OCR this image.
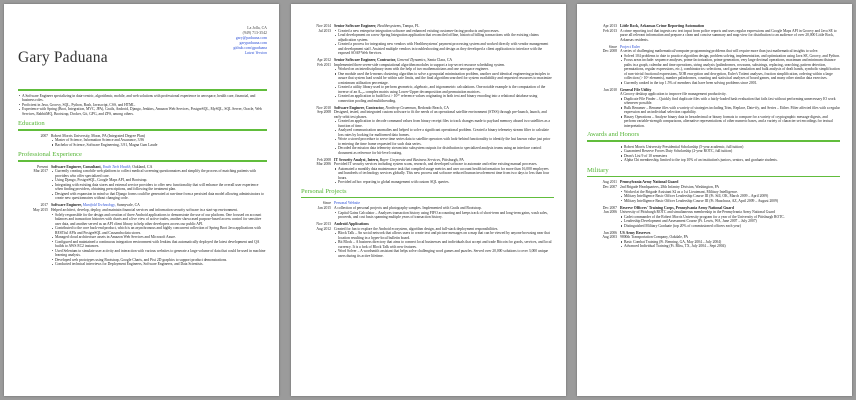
La Jolla, CA
(949) 713-3542
gary@paduana.com
garypaduana.com
github.com/gpaduana
Latest Version
Gary Paduana
A Software Engineer specializing in data-centric, algorithmic, mobile, and web solutions with professional experience in aerospace, health care, financial, and business roles.
Proficient in Java, Groovy, SQL, Python, Bash, Javascript, CSS, and HTML.
Experience with Spring (Boot, Integration, MVC, JPA), Grails, Android, Django, Jenkins, Amazon Web Services, PostgreSQL, MySQL, SQL Server, Oracle, Web Services, RabbitMQ, Bootstrap, Docker, Git, GPG, and ZFS, among others.
Education
2007 Robert Morris University, Moon, PA (Integrated Degree Plan)
Master of Science, Information Science and Assurance, 3.96
Bachelor of Science, Software Engineering, 3.91, Magna Cum Laude
Professional Experience
Present
Mar 2017
Software Engineer, Consultant, Youth Tech Health, Oakland, CA
Currently creating a mobile web platform to collect medical screening questionnaires and simplify the process of matching patients with providers who offer specialized care.
Using Django, PostgreSQL, Google Maps API, and Bootstrap.
Integrating with existing data stores and external service providers to offer new functionality that will enhance the overall user experience when finding providers, obtaining prescriptions, and following the treatment plan.
Designed with expansion in mind so that Django forms could be generated at run-time from a persisted data model allowing administrators to create new questionnaires without changing code.
2017
May 2015
Software Engineer, Manifold Technology, Sunnyvale, CA
Helped architect, develop, deploy, and maintain financial services and information security software in a start-up environment.
Solely responsible for the design and creation of three Android applications to demonstrate the use of our platform. One focused on account balances and transaction histories with charts and a live view of active trades, another showcased purpose-based access control for sensitive user data, and another served as an API client library to help other developers access our public API.
Contributed to the core back-end product, which is an asynchronous and highly concurrent collection of Spring Boot Java applications with RESTful APIs and PostgreSQL and Cassandra data stores.
Managed cloud architecture assets in Amazon Web Services and Microsoft Azure.
Configured and maintained a continuous integration environment with Jenkins that automatically deployed the latest development and QA builds to AWS EC2 instances.
Used Selenium to simulate user activity and interaction with various websites to generate a large volume of data that could be used in machine learning analysis.
Developed web prototypes using Bootstrap, Google Charts, and Pixi 2D graphics to support product demonstrations.
Conducted technical interviews for Deployment Engineers, Software Engineers, and Data Scientists.
Nov 2014
Jul 2013
Senior Software Engineer, Healthesystems, Tampa, FL
Created a new enterprise integration software and enhanced existing customer-facing products and processes.
Lead development on a new Spring Integration application that reconciled offline, historical billing transactions with the existing claims adjudication system.
Created a process for integrating new vendors with Healthesystems' payment processing system and worked directly with vendor management and development staff. Assisted multiple vendors in troubleshooting and design as they developed a client application to interface with the exposed SOAP Web Services.
Apr 2012
Feb 2011
Senior Software Engineer, Contractor, General Dynamics, Santa Clara, CA
Implemented three seven-side computational algorithm modules to support a top-secret resource scheduling system.
Worked on an interdisciplinary team with the help of two mathematicians and one aerospace engineer.
One module used the k-means clustering algorithm to solve a geospatial minimization problem, another used identical engineering principles to assure that system load would be within safe limits, and the final algorithm searched for system availability and requested resources to maximize a minimum utilization percentage.
Created a utility library used to perform geometric, algebraic, and trigonometric calculations. One notable example is the computation of the inverse of an Aₙₓₙ complex matrix using Lower-Upper decomposition and permutation matrices.
Created an application to build lost > 10²⁰ reference values originating in both text and binary encoding into a relational database using connection pooling and multithreading.
Nov 2010
Sep 2008
Software Engineer, Contractor, Northrop Grumman, Redondo Beach, CA
Designed, tested, and integrated custom software to fit the needs of an operational satellite environment (STSS) through pre-launch, launch, and early-orbit test phases.
Created an application to decode command values from binary receipt files to track changes made to payload memory aboard two satellites as a function of time.
Analyzed communication anomalies and helped to solve a significant operational problem. Created a binary telemetry stream filter to calculate loss rates by looking for malformed data frames.
Wrote a stored procedure to serve time series data to satellite operators with look-behind functionality to identify the last known value just prior to entering the time frame requested for such data series.
Decoded the mission data telemetry stream into subsystem outputs for distribution to specialized analysis teams using an interface control document as reference for bit-level routing.
Feb 2008
Mar 2006
IT Security Analyst, Intern, Bayer Corporate and Business Services, Pittsburgh, PA
Provided IT security services including system scans, research, and developed software to automate and refine existing manual processes.
Automated a monthly data maintenance task that compiled usage metrics and user account health information for more than 16,000 employees and hundreds of technology services globally. This new process and software reduced human involvement time from two days to less than four hours.
Provided ad hoc reporting to global management with custom SQL queries.
Personal Projects
Since
Jan 2015
Personal Website
A collection of personal projects and photography samples. Implemented with Grails and Bootstrap.
Capital Gains Calculator – Analyzes transaction history using FIFO accounting and keeps track of short-term and long-term gains, wash sales, proceeds, and cost basis spanning multiple years of transaction history.
Nov 2013
Aug 2012
Android Applications
Created for fun to explore the Android ecosystem, algorithm design, and full-stack deployment responsibilities.
Block Talk – An social network that allows users to create text and picture messages on a map that can be viewed by anyone browsing near that location resulting in a hyper-local bulletin board.
Bit Block – A business directory that aims to connect local businesses and individuals that accept and trade Bitcoin for goods, services, and local currency. It is a fork of Block Talk with new features.
Word Solver – A wordsmith assistant that helps solve challenging word games and puzzles. Served over 20,000 solutions to over 3,000 unique users during its active lifetime.
Apr 2013
Feb 2013
Little Rock, Arkansas Crime Reporting Automation
A crime reporting tool that ingests raw text input from police reports and uses regular expressions and Google Maps API in Groovy and Java SE to parse all relevant information and prepare a clean and concise summary and map view for distribution to an audience of over 20,000 Little Rock, Arkansas residents.
Since
Dec 2008
Project Euler
A series of challenging mathematical/computer programming problems that will require more than just mathematical insights to solve.
Solved 104 problems to date to practice algorithm design, problem solving, implementation, and optimization using Java SE, Groovy, and Python.
Focus areas include: sequence analyses, prime factorization, prime generation, very large decimal operations, maximum and minimum distance paths in a graph, calendar and time operations, string analysis (palindromes, rowsums, substrings, replacing, searching, pattern detection, permutations, regular expressions, etc.), combinatorics: selections, card game simulation and bulk analysis of dealt hands, symbolic simplification of non-trivial fractional expressions, XOR encryption and decryption, Euler's Totient analyses, fraction simplification, ordering within a large collection (> 10⁶ elements), number palindromes, counting and statistical analyses of board games, and many other similar data exercises.
Currently ranked in the top 1.5% of members that have been solving problems since 2001.
Jun 2010 General File Utility
A Groovy desktop application to improve file management productivity.
Duplicate File Finder – Quickly find duplicate files with a fairly-loaded hash evaluation that fails fast without performing unnecessary IO work whenever possible.
Bulk Renamer – Rename files with a variety of strategies including Trim, Replace, Date-ify, and Series – Either. Filter affected files with a regular expression and an individual selection capability.
Binary Operations – Analyze binary data in hexadecimal or binary formats to compare for a variety of cryptographic message digests, and perform variable-strength comparisons, alternative representations of other numeric bases, and a variety of character set encodings for textual interpretation.
Awards and Honors
Robert Morris University Presidential Scholarship (5-year academic, full tuition)
Guaranteed Reserve Forces Duty Scholarship (2-year ROTC, full tuition)
Dean's List 9 of 10 semesters
Alpha Chi membership, limited to the top 10% of an institution's juniors, seniors, and graduate students.
Military
Aug 2011
Dec 2007
Pennsylvania Army National Guard
2nd Brigade Headquarters, 28th Infantry Division, Washington, PA
Worked at the Brigade Assistant S2 as a 1st Lieutenant, Military Intelligence.
Military Intelligence Basic Officer Leadership Course III (Ft. Sill, OK, March 2009 – April 2009)
Military Intelligence Basic Officer Leadership Course III (Ft. Huachuca, AZ, April 2009 – August 2009)
Dec 2007
Jun 2006
Reserve Officers' Training Corps, Pennsylvania Army National Guard
University of Pittsburgh ROTC and simultaneous membership in the Pennsylvania Army National Guard
Cadet commander of the Robert Morris University program for a year of the University of Pittsburgh ROTC.
Leadership Development and Assessment Course (Ft. Lewis, WA, June 2007 – July 2007)
Distinguished Military Graduate (top 20% of commissioned officers each year)
Jun 2006
Aug 2003
US Army Reserves
9800th Transportation Company, Oakdale, PA
Basic Combat Training (Ft. Benning, GA, May 2004 – July 2004)
Advanced Individual Training (Ft. Bliss, TX, July 2004 – Sept 2004)
